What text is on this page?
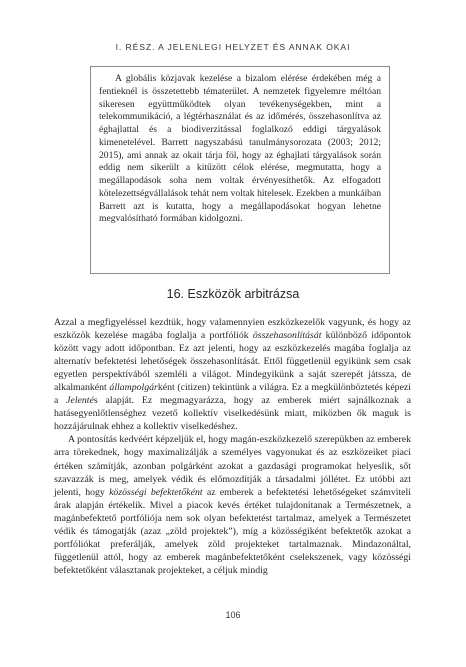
I. RÉSZ. A JELENLEGI HELYZET ÉS ANNAK OKAI

A globális közjavak kezelése a bizalom elérése érdekében még a fentieknél is összetettebb tématerület. A nemzetek figyelemre méltóan sikeresen együttműködtek olyan tevékenységekben, mint a telekommunikáció, a légtérhasználat és az időmérés, összehasonlítva az éghajlattal és a biodiverzitással foglalkozó eddigi tárgyalások kimenetelével. Barrett nagyszabású tanulmánysorozata (2003; 2012; 2015), ami annak az okait tárja föl, hogy az éghajlati tárgyalások során eddig nem sikerült a kitűzött célok elérése, megmutatta, hogy a megállapodások soha nem voltak érvényesíthetők. Az elfogadott kötelezettségvállalások tehát nem voltak hitelesek. Ezekben a munkáiban Barrett azt is kutatta, hogy a megállapodásokat hogyan lehetne megvalósítható formában kidolgozni.

16. Eszközök arbitrázsa

Azzal a megfigyeléssel kezdtük, hogy valamennyien eszközkezelők vagyunk, és hogy az eszközök kezelése magába foglalja a portfóliók összehasonlítását különböző időpontok között vagy adott időpontban. Ez azt jelenti, hogy az eszközkezelés magába foglalja az alternatív befektetési lehetőségek összehasonlítását. Ettől függetlenül egyikünk sem csak egyetlen perspektívából szemléli a világot. Mindegyikünk a saját szerepét játssza, de alkalmanként állampolgárként (citizen) tekintünk a világra. Ez a megkülönböztetés képezi a Jelentés alapját. Ez megmagyarázza, hogy az emberek miért sajnálkoznak a hatásegyenlőtlenséghez vezető kollektív viselkedésünk miatt, miközben ők maguk is hozzájárulnak ehhez a kollektív viselkedéshez.

A pontosítás kedvéért képzeljük el, hogy magán-eszközkezelő szerepükben az emberek arra törekednek, hogy maximalizálják a személyes vagyonukat és az eszközeiket piaci értéken számítják, azonban polgárként azokat a gazdasági programokat helyeslik, sőt szavazzák is meg, amelyek védik és előmozdítják a társadalmi jóllétet. Ez utóbbi azt jelenti, hogy közösségi befektetőként az emberek a befektetési lehetőségeket számviteli árak alapján értékelik. Mivel a piacok kevés értéket tulajdonítanak a Természetnek, a magánbefektető portfóliója nem sok olyan befektetést tartalmaz, amelyek a Természetet védik és támogatják (azaz „zöld projektek”), míg a közösségiként befektetők azokat a portfóliókat preferálják, amelyek zöld projekteket tartalmaznak. Mindazonáltal, függetlenül attól, hogy az emberek magánbefektetőként cselekszenek, vagy közösségi befektetőként választanak projekteket, a céljuk mindig

106
